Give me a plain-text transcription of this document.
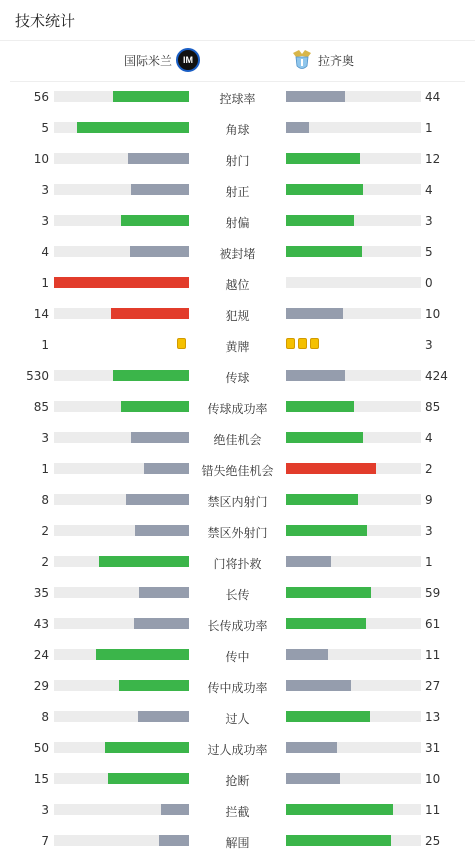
技术统计
国际米兰 IM	拉齐奥
56	控球率	44
5	角球	1
10	射门	12
3	射正	4
3	射偏	3
4	被封堵	5
1	越位	0
14	犯规	10
1	黄牌	3
530	传球	424
85	传球成功率	85
3	绝佳机会	4
1	错失绝佳机会	2
8	禁区内射门	9
2	禁区外射门	3
2	门将扑救	1
35	长传	59
43	长传成功率	61
24	传中	11
29	传中成功率	27
8	过人	13
50	过人成功率	31
15	抢断	10
3	拦截	11
7	解围	25
